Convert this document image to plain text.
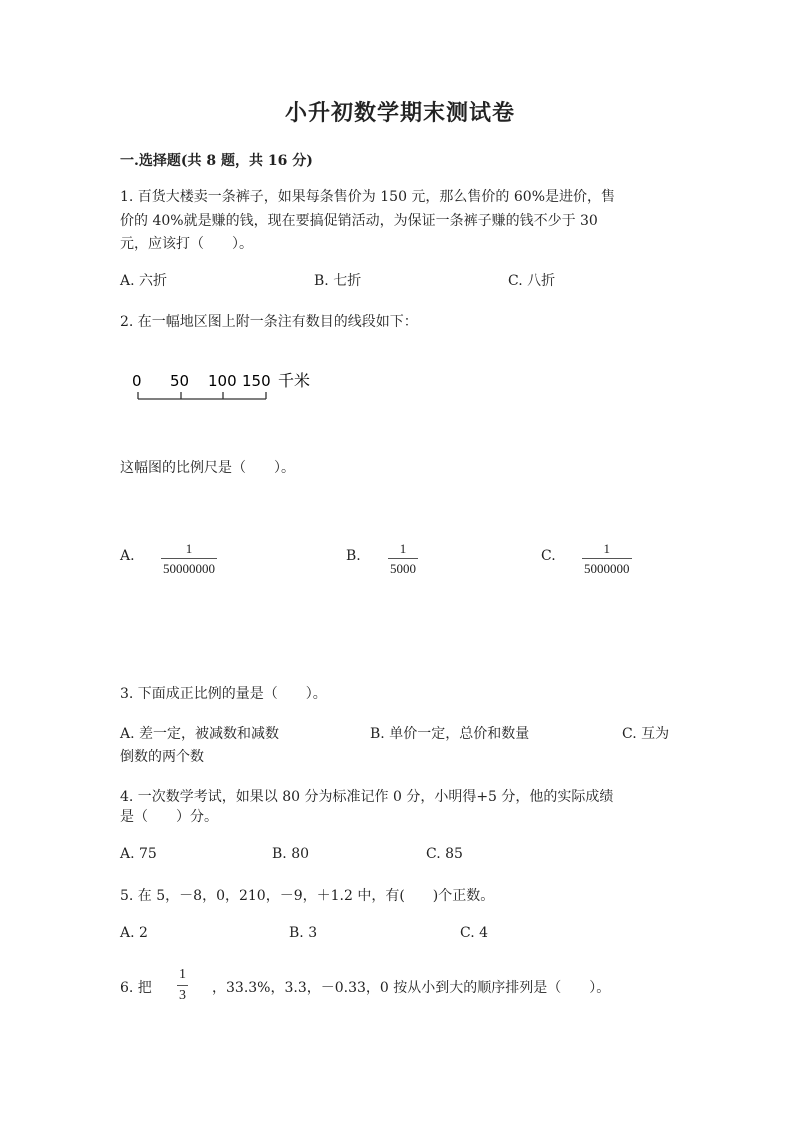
小升初数学期末测试卷
一.选择题(共 8 题，共 16 分)
1. 百货大楼卖一条裤子，如果每条售价为 150 元，那么售价的 60%是进价，售
价的 40%就是赚的钱，现在要搞促销活动，为保证一条裤子赚的钱不少于 30
元，应该打（　　）。
A. 六折	B. 七折	C. 八折
2. 在一幅地区图上附一条注有数目的线段如下：
0 50 100 150 千米
这幅图的比例尺是（　　）。
A. $\frac{1}{50000000}$	B. $\frac{1}{5000}$	C. $\frac{1}{5000000}$
3. 下面成正比例的量是（　　）。
A. 差一定，被减数和减数	B. 单价一定，总价和数量	C. 互为
倒数的两个数
4. 一次数学考试，如果以 80 分为标准记作 0 分，小明得+5 分，他的实际成绩
是（　　）分。
A. 75	B. 80	C. 85
5. 在 5，－8，0，210，－9，＋1.2 中，有(　　)个正数。
A. 2	B. 3	C. 4
6. 把 $\frac{1}{3}$ ，33.3%，3.3，－0.33，0 按从小到大的顺序排列是（　　）。
